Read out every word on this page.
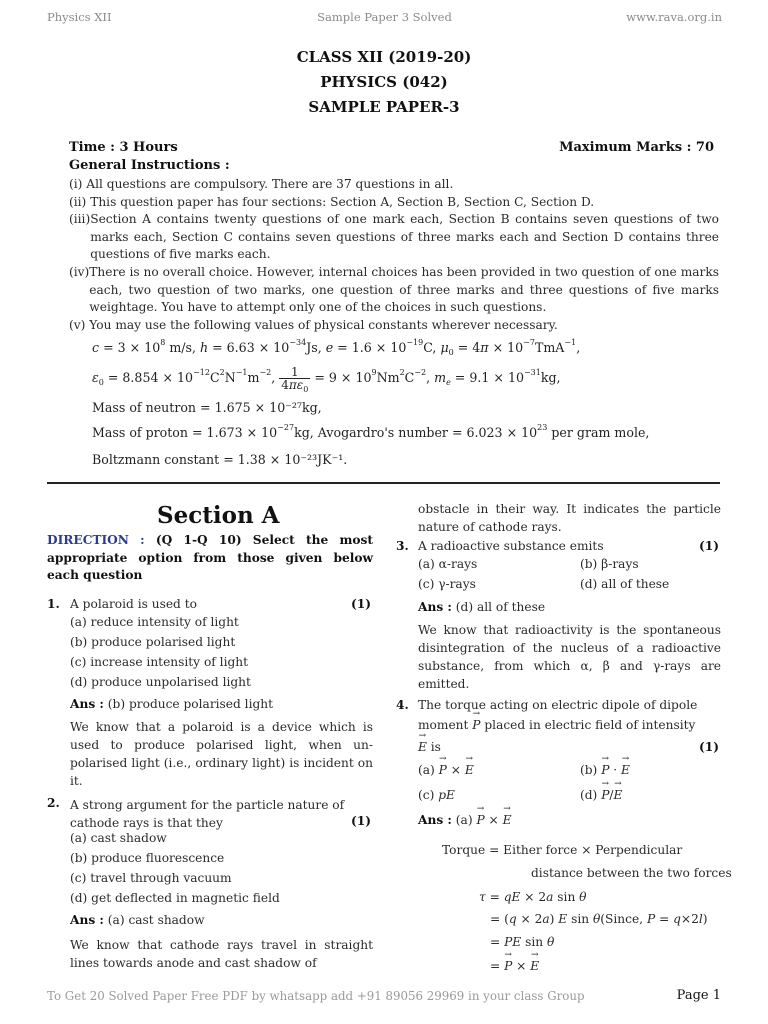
Physics XII	Sample Paper 3 Solved	www.rava.org.in
CLASS XII (2019-20)
PHYSICS (042)
SAMPLE PAPER-3
Time : 3 Hours	Maximum Marks : 70
General Instructions :
(i)
All questions are compulsory. There are 37 questions in all.
(ii)
This question paper has four sections: Section A, Section B, Section C, Section D.
(iii) Section A contains twenty questions of one mark each, Section B contains seven questions of two marks each, Section C contains seven questions of three marks each and Section D contains three questions of five marks each.
(iv) There is no overall choice. However, internal choices has been provided in two question of one marks each, two question of two marks, one question of three marks and three questions of five marks weightage. You have to attempt only one of the choices in such questions.
(v)
You may use the following values of physical constants wherever necessary.
$c = 3 \times 10^8$ m/s, $h = 6.63 \times 10^{-34}Js$, $e = 1.6 \times 10^{-19}C$, $\mu_0 = 4\pi \times 10^{-7}TmA^{-1}$,
$\varepsilon_0 = 8.854 \times 10^{-12}C^2N^{-1}m^{-2}$, $\frac{1}{4\pi\varepsilon_0} = 9 \times 10^9Nm^2C^{-2}$, $m_e = 9.1 \times 10^{-31}kg$,
Mass of neutron = 1.675 × 10⁻²⁷kg,
Mass of proton = $1.673 \times 10^{-27}kg$, Avogardro's number = $6.023 \times 10^{23}$ per gram mole,
Boltzmann constant = 1.38 × 10⁻²³JK⁻¹.
Section A
DIRECTION : (Q 1-Q 10) Select the most appropriate option from those given below each question
1. A polaroid is used to	(1)
(a) reduce intensity of light
(b) produce polarised light
(c) increase intensity of light
(d) produce unpolarised light
Ans : (b) produce polarised light
We know that a polaroid is a device which is used to produce polarised light, when un-polarised light (i.e., ordinary light) is incident on it.
2. A strong argument for the particle nature of cathode rays is that they	(1)
(a) cast shadow
(b) produce fluorescence
(c) travel through vacuum
(d) get deflected in magnetic field
Ans : (a) cast shadow
We know that cathode rays travel in straight lines towards anode and cast shadow of
obstacle in their way. It indicates the particle nature of cathode rays.
3. A radioactive substance emits	(1)
(a) α-rays	(b) β-rays
(c) γ-rays	(d) all of these
Ans : (d) all of these
We know that radioactivity is the spontaneous disintegration of the nucleus of a radioactive substance, from which α, β and γ-rays are emitted.
4. The torque acting on electric dipole of dipole
moment → P placed in electric field of intensity
→ E is	(1)
(a) → P × → E	(b) → P · → E
(c) pE	(d) → P/→ E
Ans : (a) → P × → E
Torque = Either force × Perpendicular
distance between the two forces
τ = qE × 2a sin θ
= (q × 2a) E sin θ(Since, P = q×2l)
= PE sin θ
= → P × → E
To Get 20 Solved Paper Free PDF by whatsapp add +91 89056 29969 in your class Group	Page 1
